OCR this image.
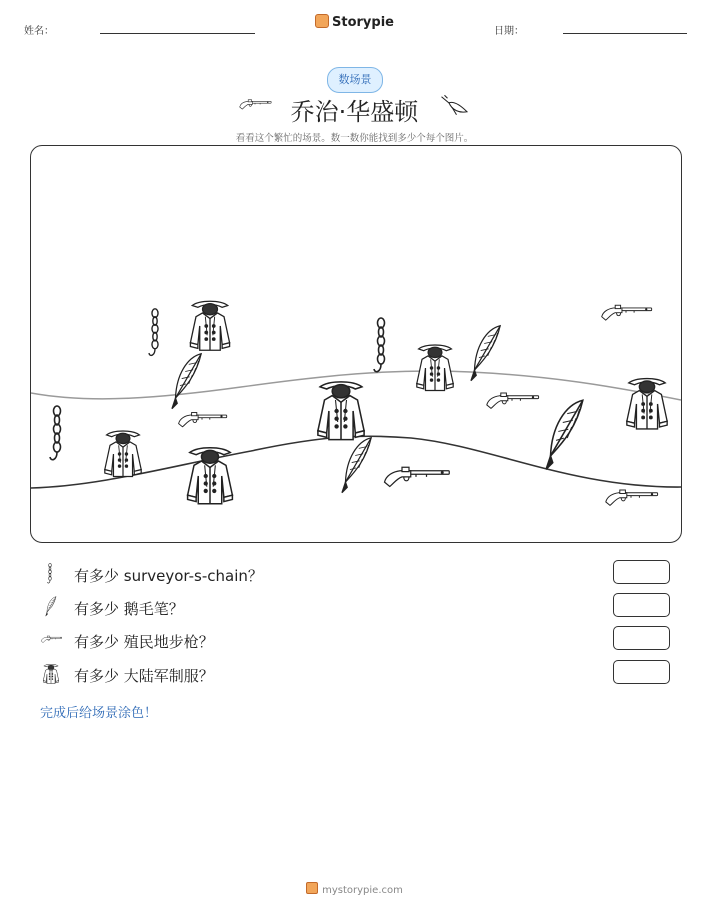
姓名：
Storypie
日期：
数场景
乔治·华盛顿
看看这个繁忙的场景。数一数你能找到多少个每个图片。
有多少 surveyor-s-chain？
有多少 鹅毛笔？
有多少 殖民地步枪？
有多少 大陆军制服？
完成后给场景涂色！
mystorypie.com
